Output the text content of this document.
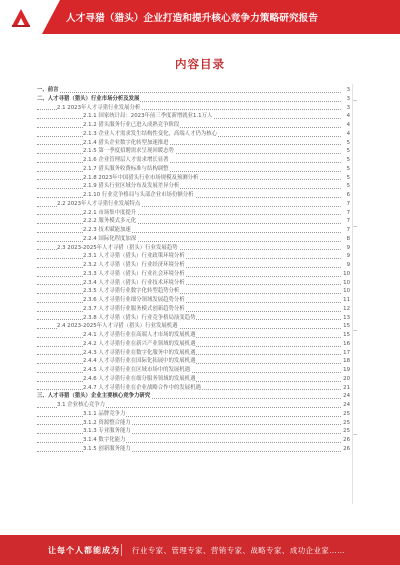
人才寻猎（猎头）企业打造和提升核心竞争力策略研究报告
内容目录
一、前言	3
二、人才寻猎（猎头）行业市场分析及发展	3
2.1 2023年人才寻猎行业发展分析	3
2.1.1 国家统计局：2023年前三季度新增就业1.1万人	4
2.1.2 猎头服务行业已进入成熟竞争阶段	4
2.1.3 企业人才需求发生结构性变化，高端人才仍为核心	4
2.1.4 猎头企业数字化转型加速推进	5
2.1.5 第一季度招聘需求呈现回暖态势	5
2.1.6 企业管理层人才需求增长显著	5
2.1.7 猎头服务收费标准与结构调整	5
2.1.8 2023年中国猎头行业市场规模及预测分析	5
2.1.9 猎头行业区域分布及发展差异分析	5
2.1.10 行业竞争格局与头部企业市场份额分析	6
2.2 2023年人才寻猎行业发展特点	7
2.2.1 市场集中度提升	7
2.2.2 服务模式多元化	7
2.2.3 技术赋能加速	7
2.2.4 国际化程度加深	8
2.3 2023-2025年人才寻猎（猎头）行业发展趋势	9
2.3.1 人才寻猎（猎头）行业政策环境分析	9
2.3.2 人才寻猎（猎头）行业经济环境分析	9
2.3.3 人才寻猎（猎头）行业社会环境分析	10
2.3.4 人才寻猎（猎头）行业技术环境分析	10
2.3.5 人才寻猎行业数字化转型趋势分析	10
2.3.6 人才寻猎行业细分领域发展趋势分析	11
2.3.7 人才寻猎行业服务模式创新趋势分析	12
2.3.8 人才寻猎（猎头）行业竞争格局演变趋势	13
2.4 2023-2025年人才寻猎（猎头）行业发展机遇	15
2.4.1 人才寻猎行业在高端人才市场的发展机遇	15
2.4.2 人才寻猎行业在新兴产业领域的发展机遇	16
2.4.3 人才寻猎行业在数字化服务中的发展机遇	17
2.4.4 人才寻猎行业在国际化拓展中的发展机遇	18
2.4.5 人才寻猎行业在区域市场中的发展机遇	19
2.4.6 人才寻猎行业在细分服务领域的发展机遇	20
2.4.7 人才寻猎行业在企业战略合作中的发展机遇	21
三、人才寻猎（猎头）企业主要核心竞争力研究	24
3.1 企业核心竞争力	24
3.1.1 品牌竞争力	25
3.1.2 资源整合能力	25
3.1.3 专业服务能力	25
3.1.4 数字化能力	26
3.1.5 创新服务能力	26
让每个人都能成为 行业专家、管理专家、营销专家、战略专家、成功企业家……
